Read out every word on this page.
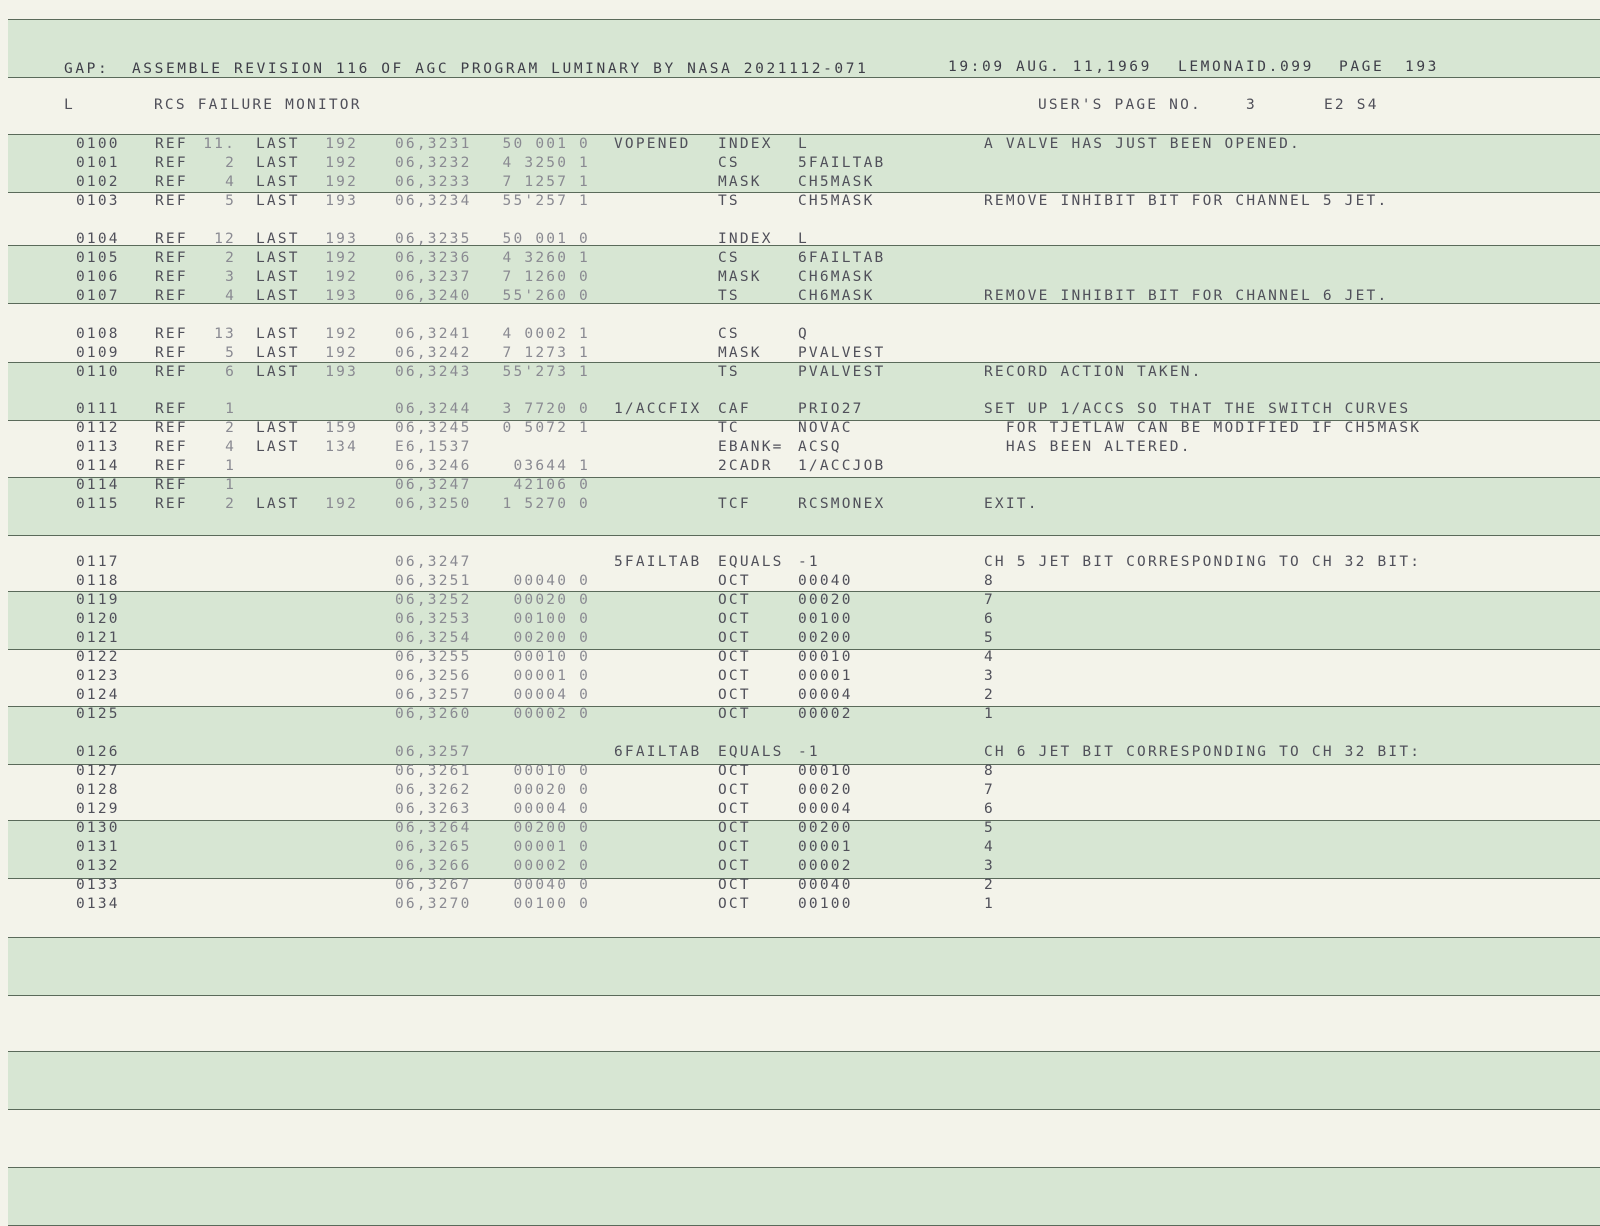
GAP:  ASSEMBLE REVISION 116 OF AGC PROGRAM LUMINARY BY NASA 2021112-071	19:09 AUG. 11,1969 LEMONAID.099 PAGE 193
L	RCS FAILURE MONITOR	USER'S PAGE NO.	3	E2 S4
0100 REF 11. LAST 192	06,3231 50 001 0 VOPENED INDEX L	A VALVE HAS JUST BEEN OPENED.
0101 REF	2 LAST 192	06,3232 4 3250 1	CS	5FAILTAB
0102 REF	4 LAST 192	06,3233 7 1257 1	MASK	CH5MASK
0103 REF	5 LAST 193	06,3234 55'257 1	TS	CH5MASK	REMOVE INHIBIT BIT FOR CHANNEL 5 JET.
0104 REF 12 LAST 193	06,3235 50 001 0	INDEX L
0105 REF	2 LAST 192	06,3236 4 3260 1	CS	6FAILTAB
0106 REF	3 LAST 192	06,3237 7 1260 0	MASK	CH6MASK
0107 REF	4 LAST 193	06,3240 55'260 0	TS	CH6MASK	REMOVE INHIBIT BIT FOR CHANNEL 6 JET.
0108 REF 13 LAST 192	06,3241 4 0002 1	CS	Q
0109 REF	5 LAST 192	06,3242 7 1273 1	MASK	PVALVEST
0110 REF	6 LAST 193	06,3243 55'273 1	TS	PVALVEST	RECORD ACTION TAKEN.
0111 REF	1	06,3244 3 7720 0 1/ACCFIX CAF	PRIO27	SET UP 1/ACCS SO THAT THE SWITCH CURVES
0112 REF	2 LAST 159	06,3245 0 5072 1	TC	NOVAC	FOR TJETLAW CAN BE MODIFIED IF CH5MASK
0113 REF	4 LAST 134	E6,1537	EBANK= ACSQ	HAS BEEN ALTERED.
0114 REF	1	06,3246	03644 1	2CADR 1/ACCJOB
0114 REF	1	06,3247	42106 0
0115 REF	2 LAST 192	06,3250 1 5270 0	TCF	RCSMONEX	EXIT.
0117	06,3247	5FAILTAB EQUALS -1	CH 5 JET BIT CORRESPONDING TO CH 32 BIT:
0118	06,3251	00040 0	OCT	00040	8
0119	06,3252	00020 0	OCT	00020	7
0120	06,3253	00100 0	OCT	00100	6
0121	06,3254	00200 0	OCT	00200	5
0122	06,3255	00010 0	OCT	00010	4
0123	06,3256	00001 0	OCT	00001	3
0124	06,3257	00004 0	OCT	00004	2
0125	06,3260	00002 0	OCT	00002	1
0126	06,3257	6FAILTAB EQUALS -1	CH 6 JET BIT CORRESPONDING TO CH 32 BIT:
0127	06,3261	00010 0	OCT	00010	8
0128	06,3262	00020 0	OCT	00020	7
0129	06,3263	00004 0	OCT	00004	6
0130	06,3264	00200 0	OCT	00200	5
0131	06,3265	00001 0	OCT	00001	4
0132	06,3266	00002 0	OCT	00002	3
0133	06,3267	00040 0	OCT	00040	2
0134	06,3270	00100 0	OCT	00100	1
